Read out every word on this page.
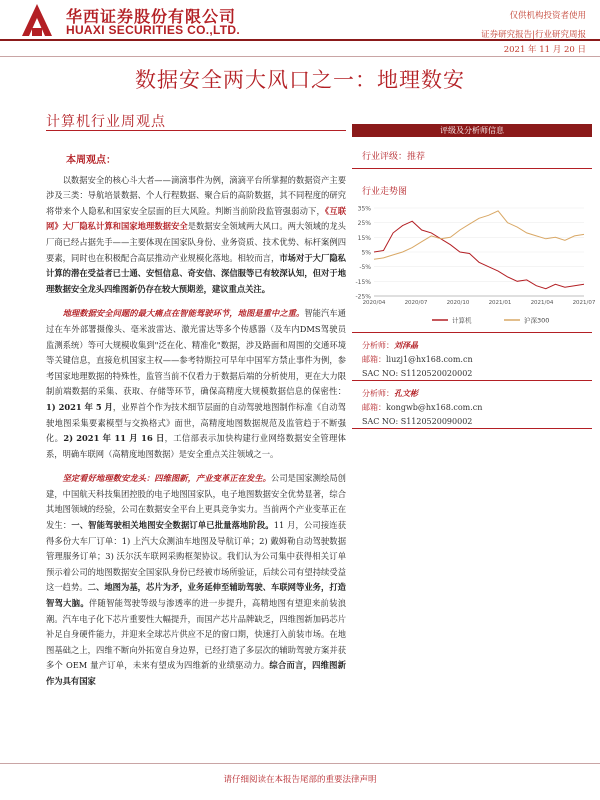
华西证券股份有限公司
HUAXI SECURITIES CO.,LTD.
仅供机构投资者使用
证券研究报告|行业研究周报
2021 年 11 月 20 日
数据安全两大风口之一：地理数安
计算机行业周观点

本周观点：

以数据安全的核心斗大者——滴滴事件为例，滴滴平台所掌握的数据资产主要涉及三类：导航培景数据、个人行程数据、聚合后的高阶数据，其不同程度的研究将带来个人隐私和国家安全层面的巨大风险。判断当前阶段监管强弱动下，《互联网》大厂隐私计算和国家地理数据安全是数据安全领域两大风口。两大领域的龙头厂商已经占据先手——主要体现在国家队身份、业务资质、技术优势、标杆案例四要素，同时也在积极配合高层推动产业规模化落地。相较而言，市场对于大厂隐私计算的潜在受益者已士通、安恒信息、奇安信、深信服等已有较深认知，但对于地理数据安全龙头四维图新仍存在较大预期差，建议重点关注。

地理数据安全问题的最大痛点在智能驾驶环节，地图是重中之重。智能汽车通过在车外部署摄像头、毫米波雷达、激光雷达等多个传感器（及车内DMS驾驶员监测系统）等可大规模收集到"泛在化、精准化"数据，涉及路面和周围的交通环境等关键信息，直接危机国家主权——参考特斯拉可早年中国军方禁止事件为例，参考国家地理数据的特殊性，监管当前不仅看力于数据后端的分析使用，更在大力限制前端数据的采集、获取、存储等环节，确保高精度大规模数据信息的保密性：1) 2021 年 5 月，业界首个作为技术细节层面的自动驾驶地图制作标准《自动驾驶地图采集要素模型与交换格式》面世，高精度地图数据规范及监管趋于不断强化。2) 2021 年 11 月 16 日，工信部表示加快构建行业网络数据安全管理体系，明确车联网（高精度地图数据）是安全重点关注领域之一。

坚定看好地理数安龙头：四维图新，产业变革正在发生。公司是国家测绘局创建，中国航天科技集团控股的电子地图国家队，电子地图数据安全优势显著，综合其地图领域的经验，公司在数据安全平台上更具竞争实力。当前两个产业变革正在发生：一、智能驾驶相关地图安全数据订单已批量落地阶段。11 月，公司接连获得多份大车厂订单：1) 上汽大众测油车地图及导航订单；2) 戴姆勒自动驾驶数据管理服务订单；3) 沃尔沃车联网采购框架协议。我们认为公司集中获得相关订单预示着公司的地图数据安全国家队身份已经被市场所验证，后续公司有望持续受益这一趋势。二、地图为基，芯片为矛，业务延伸至辅助驾驶、车联网等业务，打造智驾大脑。伴随智能驾驶等级与渗透率的进一步提升，高精地图有望迎来前装浪潮。汽车电子化下芯片重要性大幅提升，而国产芯片品牌缺乏，四维图新加码芯片补足自身硬件能力，并迎来全球芯片供应不足的窗口期，快速打入前装市场。在地图基础之上，四维不断向外拓宽自身边界，已经打造了多层次的辅助驾驶方案并获多个 OEM 量产订单，未来有望成为四维新的业绩驱动力。综合而言，四维图新作为具有国家

评级及分析师信息
行业评级：推荐
行业走势图
-25%
-15%
-5%
5%
15%
25%
35%
2020/04	2020/07	2020/10	2021/01	2021/04	2021/07
计算机	沪深300
分析师：刘泽晶
邮箱：liuzj1@hx168.com.cn
SAC NO: S1120520020002
分析师：孔文彬
邮箱：kongwb@hx168.com.cn
SAC NO: S1120520090002
请仔细阅读在本报告尾部的重要法律声明
